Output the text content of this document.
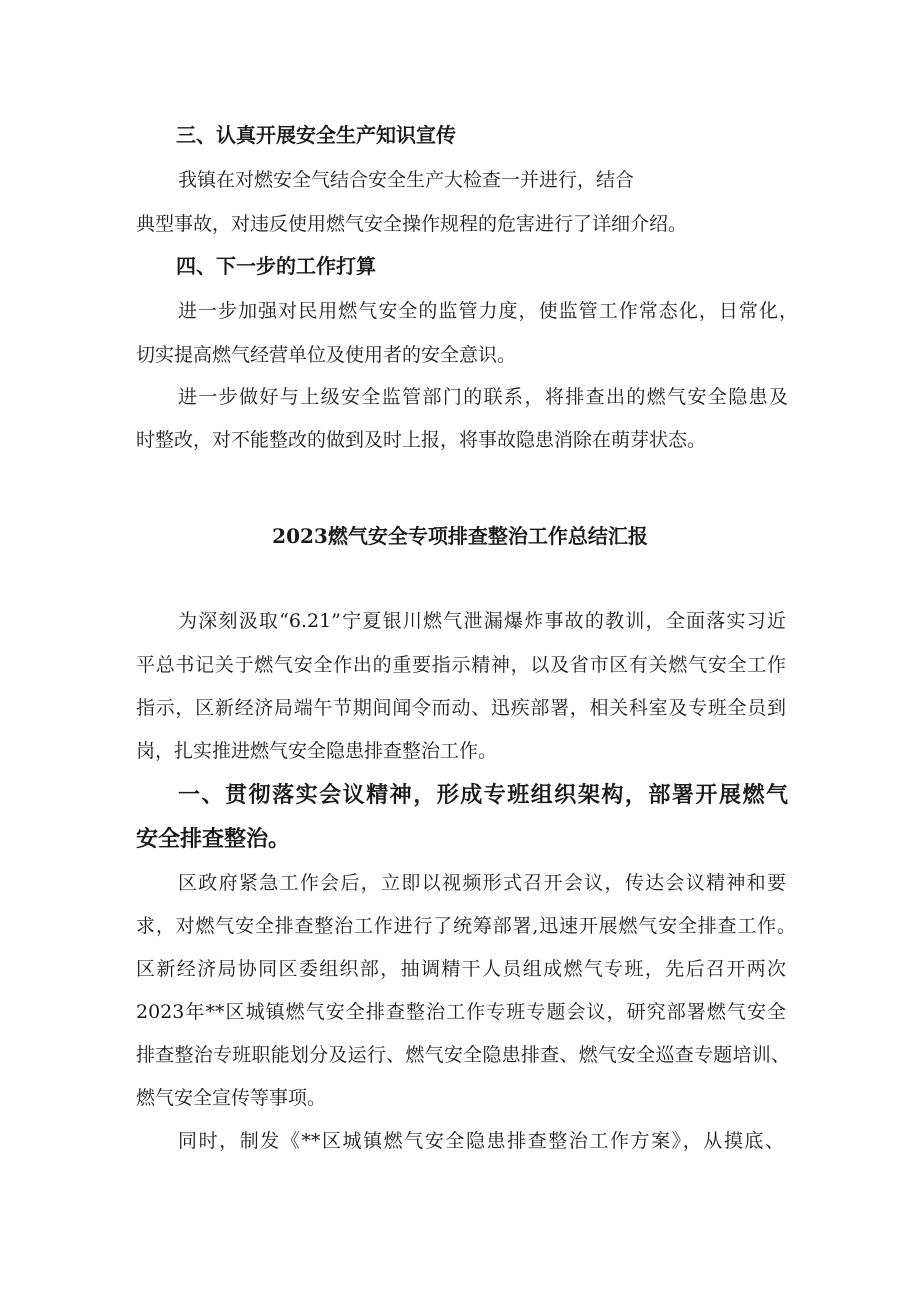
三、认真开展安全生产知识宣传
我镇在对燃安全气结合安全生产大检查一并进行，结合
典型事故，对违反使用燃气安全操作规程的危害进行了详细介绍。
四、下一步的工作打算
进一步加强对民用燃气安全的监管力度，使监管工作常态化，日常化，
切实提高燃气经营单位及使用者的安全意识。
进一步做好与上级安全监管部门的联系，将排查出的燃气安全隐患及
时整改，对不能整改的做到及时上报，将事故隐患消除在萌芽状态。
2023燃气安全专项排查整治工作总结汇报
为深刻汲取“6.21”宁夏银川燃气泄漏爆炸事故的教训，全面落实习近
平总书记关于燃气安全作出的重要指示精神，以及省市区有关燃气安全工作
指示，区新经济局端午节期间闻令而动、迅疾部署，相关科室及专班全员到
岗，扎实推进燃气安全隐患排查整治工作。
一、贯彻落实会议精神，形成专班组织架构，部署开展燃气
安全排查整治。
区政府紧急工作会后，立即以视频形式召开会议，传达会议精神和要
求，对燃气安全排查整治工作进行了统筹部署,迅速开展燃气安全排查工作。
区新经济局协同区委组织部，抽调精干人员组成燃气专班，先后召开两次
2023年**区城镇燃气安全排查整治工作专班专题会议，研究部署燃气安全
排查整治专班职能划分及运行、燃气安全隐患排查、燃气安全巡查专题培训、
燃气安全宣传等事项。
同时，制发《**区城镇燃气安全隐患排查整治工作方案》，从摸底、
